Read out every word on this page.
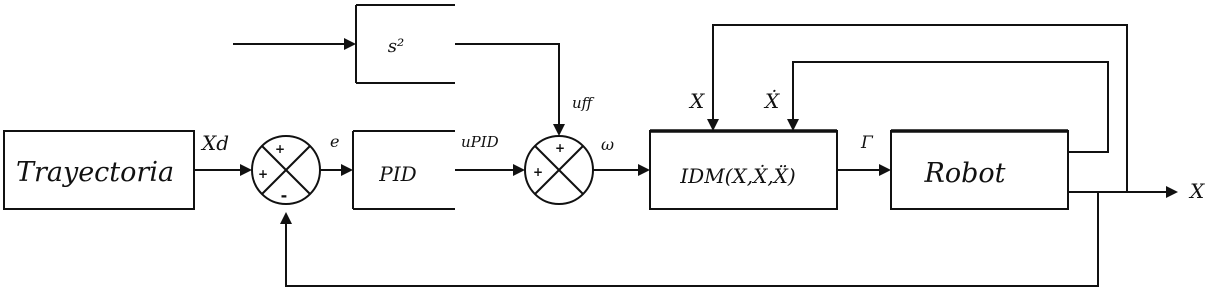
Trayectoria	PID
s²
IDM(X,Ẋ,Ẍ)	Robot
+
+
-
+
+
Xd	e	uPID
uff
ω	Γ
X	Ẋ
X
